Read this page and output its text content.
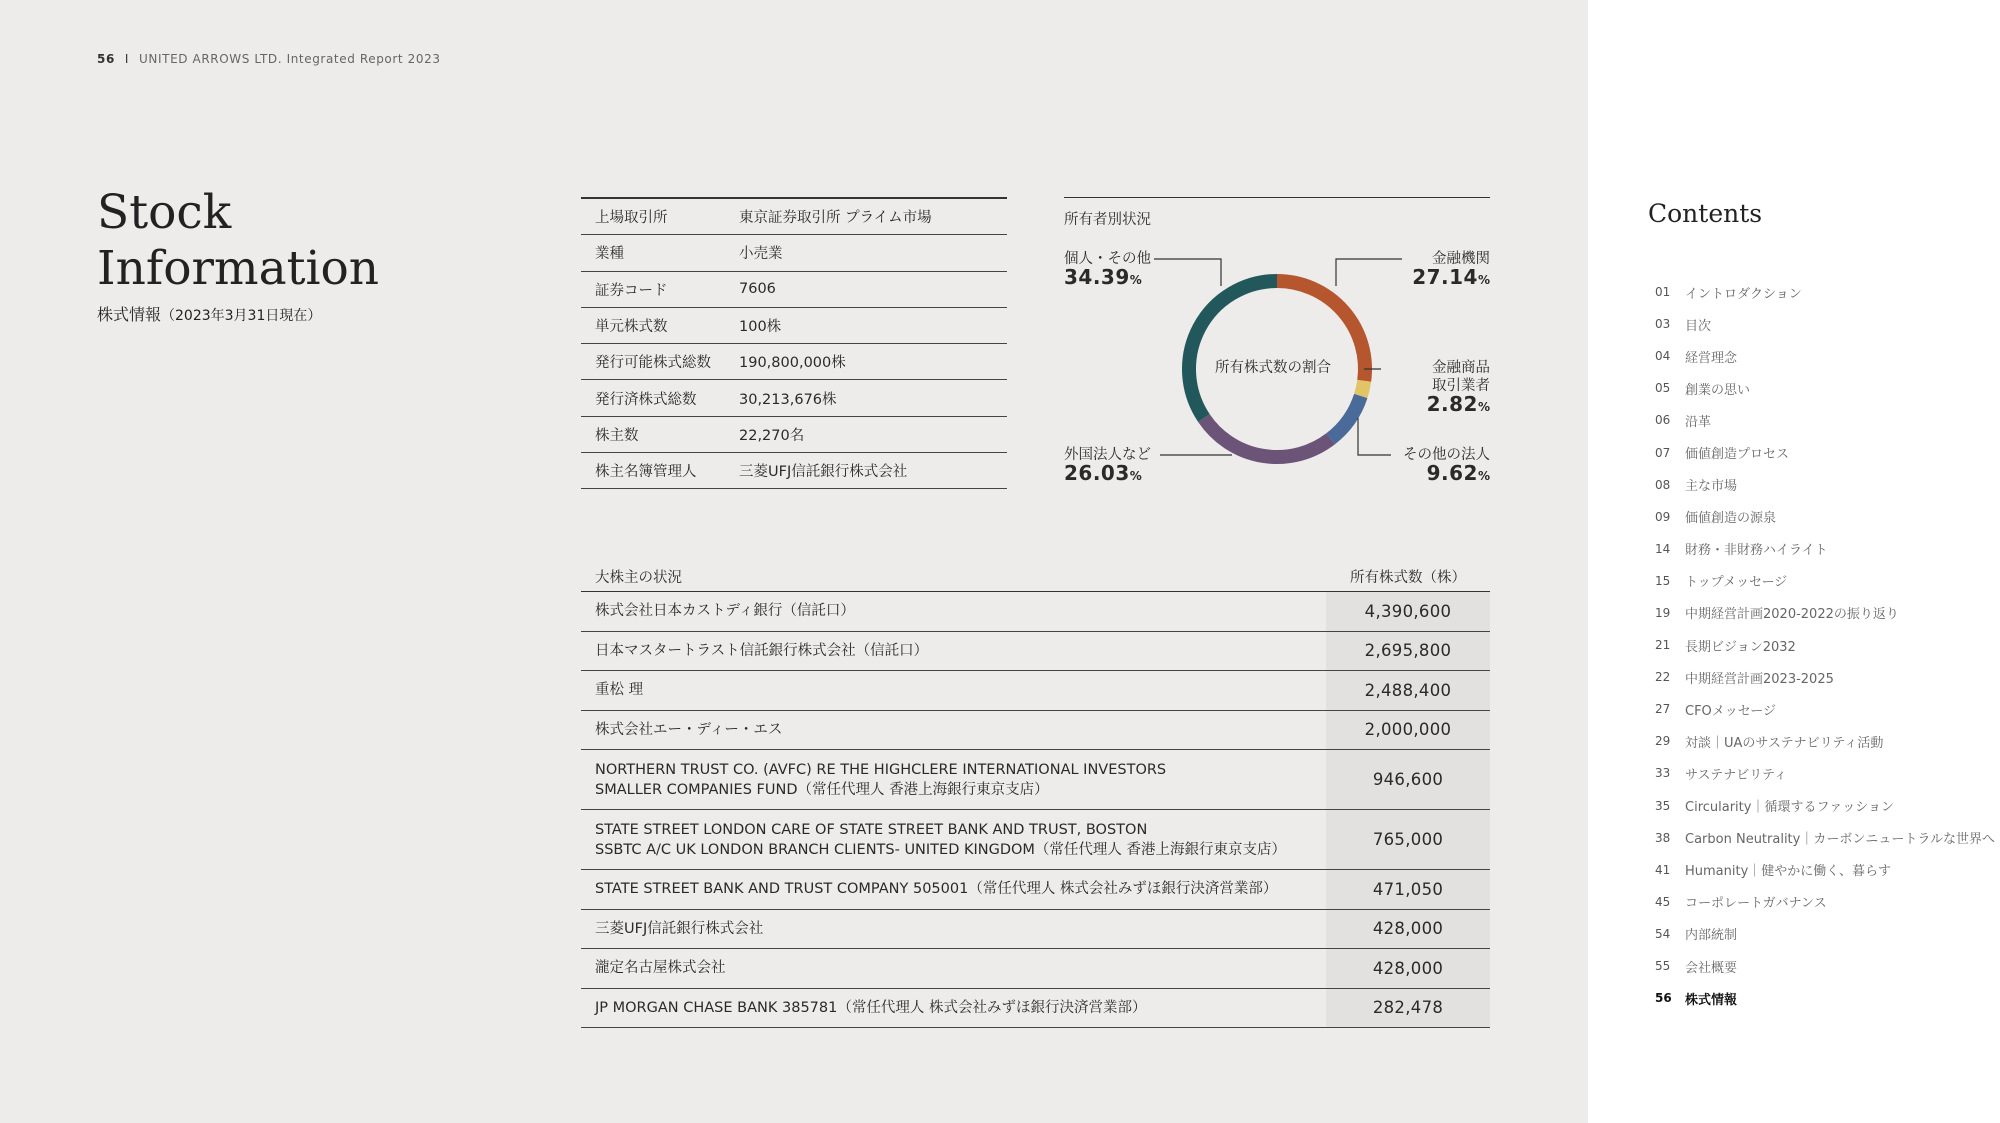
56 I UNITED ARROWS LTD. Integrated Report 2023
Stock
Information
株式情報（2023年3月31日現在）
上場取引所	東京証券取引所 プライム市場
業種	小売業
証券コード	7606
単元株式数	100株
発行可能株式総数	190,800,000株
発行済株式総数	30,213,676株
株主数	22,270名
株主名簿管理人	三菱UFJ信託銀行株式会社
所有者別状況
所有株式数の割合
個人・その他
34.39%
金融機関
27.14%
金融商品
取引業者
2.82%
外国法人など
26.03%
その他の法人
9.62%
大株主の状況	所有株式数（株）
株式会社日本カストディ銀行（信託口）	4,390,600
日本マスタートラスト信託銀行株式会社（信託口）	2,695,800
重松 理	2,488,400
株式会社エー・ディー・エス	2,000,000
NORTHERN TRUST CO. (AVFC) RE THE HIGHCLERE INTERNATIONAL INVESTORS
SMALLER COMPANIES FUND（常任代理人 香港上海銀行東京支店）
946,600
STATE STREET LONDON CARE OF STATE STREET BANK AND TRUST, BOSTON
SSBTC A/C UK LONDON BRANCH CLIENTS- UNITED KINGDOM（常任代理人 香港上海銀行東京支店）
765,000
STATE STREET BANK AND TRUST COMPANY 505001（常任代理人 株式会社みずほ銀行決済営業部）	471,050
三菱UFJ信託銀行株式会社	428,000
瀧定名古屋株式会社	428,000
JP MORGAN CHASE BANK 385781（常任代理人 株式会社みずほ銀行決済営業部）	282,478
Contents
01	イントロダクション
03	目次
04	経営理念
05	創業の思い
06	沿革
07	価値創造プロセス
08	主な市場
09	価値創造の源泉
14	財務・非財務ハイライト
15	トップメッセージ
19	中期経営計画2020-2022の振り返り
21	長期ビジョン2032
22	中期経営計画2023-2025
27	CFOメッセージ
29	対談｜UAのサステナビリティ活動
33	サステナビリティ
35	Circularity｜循環するファッション
38	Carbon Neutrality｜カーボンニュートラルな世界へ
41	Humanity｜健やかに働く、暮らす
45	コーポレートガバナンス
54	内部統制
55	会社概要
56	株式情報
